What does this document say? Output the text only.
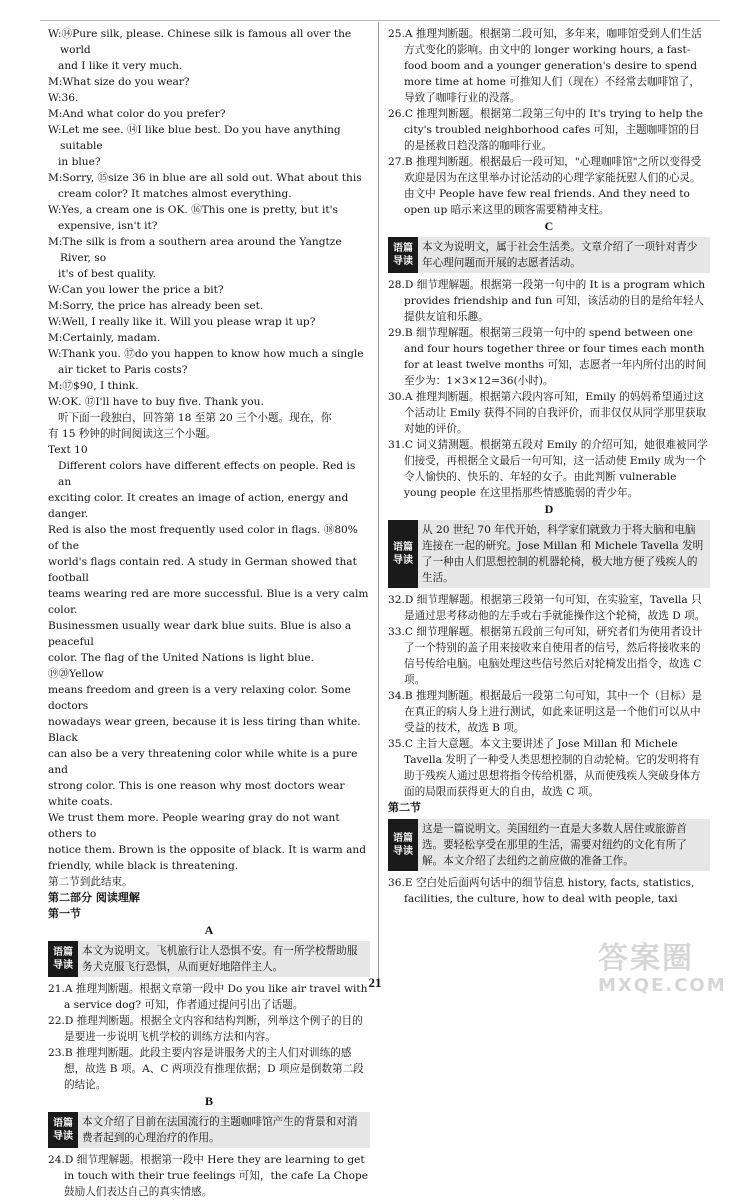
W:⑭Pure silk, please. Chinese silk is famous all over the world
and I like it very much.
M:What size do you wear?
W:36.
M:And what color do you prefer?
W:Let me see. ⑭I like blue best. Do you have anything suitable
in blue?
M:Sorry, ⑮size 36 in blue are all sold out. What about this
cream color? It matches almost everything.
W:Yes, a cream one is OK. ⑯This one is pretty, but it's
expensive, isn't it?
M:The silk is from a southern area around the Yangtze River, so
it's of best quality.
W:Can you lower the price a bit?
M:Sorry, the price has already been set.
W:Well, I really like it. Will you please wrap it up?
M:Certainly, madam.
W:Thank you. ⑰do you happen to know how much a single
air ticket to Paris costs?
M:⑰$90, I think.
W:OK. ⑰I'll have to buy five. Thank you.
听下面一段独白，回答第 18 至第 20 三个小题。现在，你
有 15 秒钟的时间阅读这三个小题。
Text 10
Different colors have different effects on people. Red is an
exciting color. It creates an image of action, energy and danger.
Red is also the most frequently used color in flags. ⑱80% of the
world's flags contain red. A study in German showed that football
teams wearing red are more successful. Blue is a very calm color.
Businessmen usually wear dark blue suits. Blue is also a peaceful
color. The flag of the United Nations is light blue. ⑲⑳Yellow
means freedom and green is a very relaxing color. Some doctors
nowadays wear green, because it is less tiring than white. Black
can also be a very threatening color while white is a pure and
strong color. This is one reason why most doctors wear white coats.
We trust them more. People wearing gray do not want others to
notice them. Brown is the opposite of black. It is warm and
friendly, while black is threatening.
第二节到此结束。
第二部分 阅读理解
第一节
A
语篇
导读
本文为说明文。飞机旅行让人恐惧不安。有一所学校帮助服务犬克服飞行恐惧，从而更好地陪伴主人。
21.A 推理判断题。根据文章第一段中 Do you like air travel with a service dog? 可知，作者通过提问引出了话题。
22.D 推理判断题。根据全文内容和结构判断，列举这个例子的目的是要进一步说明飞机学校的训练方法和内容。
23.B 推理判断题。此段主要内容是讲服务犬的主人们对训练的感想，故选 B 项。A、C 两项没有推理依据；D 项应是倒数第二段的结论。
B
语篇
导读
本文介绍了目前在法国流行的主题咖啡馆产生的背景和对消费者起到的心理治疗的作用。
24.D 细节理解题。根据第一段中 Here they are learning to get in touch with their true feelings 可知，the cafe La Chope 鼓励人们表达自己的真实情感。
25.A 推理判断题。根据第二段可知，多年来，咖啡馆受到人们生活方式变化的影响。由文中的 longer working hours, a fast-food boom and a younger generation's desire to spend more time at home 可推知人们（现在）不经常去咖啡馆了，导致了咖啡行业的没落。
26.C 推理判断题。根据第二段第三句中的 It's trying to help the city's troubled neighborhood cafes 可知，主题咖啡馆的目的是拯救日趋没落的咖啡行业。
27.B 推理判断题。根据最后一段可知，"心理咖啡馆"之所以变得受欢迎是因为在这里举办讨论活动的心理学家能抚慰人们的心灵。由文中 People have few real friends. And they need to open up 暗示来这里的顾客需要精神支柱。
C
语篇
导读
本文为说明文，属于社会生活类。文章介绍了一项针对青少年心理问题而开展的志愿者活动。
28.D 细节理解题。根据第一段第一句中的 It is a program which provides friendship and fun 可知，该活动的目的是给年轻人提供友谊和乐趣。
29.B 细节理解题。根据第三段第一句中的 spend between one and four hours together three or four times each month for at least twelve months 可知，志愿者一年内所付出的时间至少为：1×3×12=36(小时)。
30.A 推理判断题。根据第六段内容可知，Emily 的妈妈希望通过这个活动让 Emily 获得不同的自我评价，而非仅仅从同学那里获取对她的评价。
31.C 词义猜测题。根据第五段对 Emily 的介绍可知，她很难被同学们接受，再根据全文最后一句可知，这一活动使 Emily 成为一个令人愉快的、快乐的、年轻的女子。由此判断 vulnerable young people 在这里指那些情感脆弱的青少年。
D
语篇
导读
从 20 世纪 70 年代开始，科学家们就致力于将大脑和电脑连接在一起的研究。Jose Millan 和 Michele Tavella 发明了一种由人们思想控制的机器轮椅，极大地方便了残疾人的生活。
32.D 细节理解题。根据第三段第一句可知，在实验室，Tavella 只是通过思考移动他的左手或右手就能操作这个轮椅，故选 D 项。
33.C 细节理解题。根据第五段前三句可知，研究者们为使用者设计了一个特别的盖子用来接收来自使用者的信号，然后将接收来的信号传给电脑。电脑处理这些信号然后对轮椅发出指令，故选 C 项。
34.B 推理判断题。根据最后一段第二句可知，其中一个（目标）是在真正的病人身上进行测试，如此来证明这是一个他们可以从中受益的技术，故选 B 项。
35.C 主旨大意题。本文主要讲述了 Jose Millan 和 Michele Tavella 发明了一种受人类思想控制的自动轮椅。它的发明将有助于残疾人通过思想将指令传给机器，从而使残疾人突破身体方面的局限而获得更大的自由，故选 C 项。
第二节
语篇
导读
这是一篇说明文。美国纽约一直是大多数人居住或旅游首选。要轻松享受在那里的生活，需要对纽约的文化有所了解。本文介绍了去纽约之前应做的准备工作。
36.E 空白处后面两句话中的细节信息 history, facts, statistics, facilities, the culture, how to deal with people, taxi
21
答案圈
MXQE.COM
